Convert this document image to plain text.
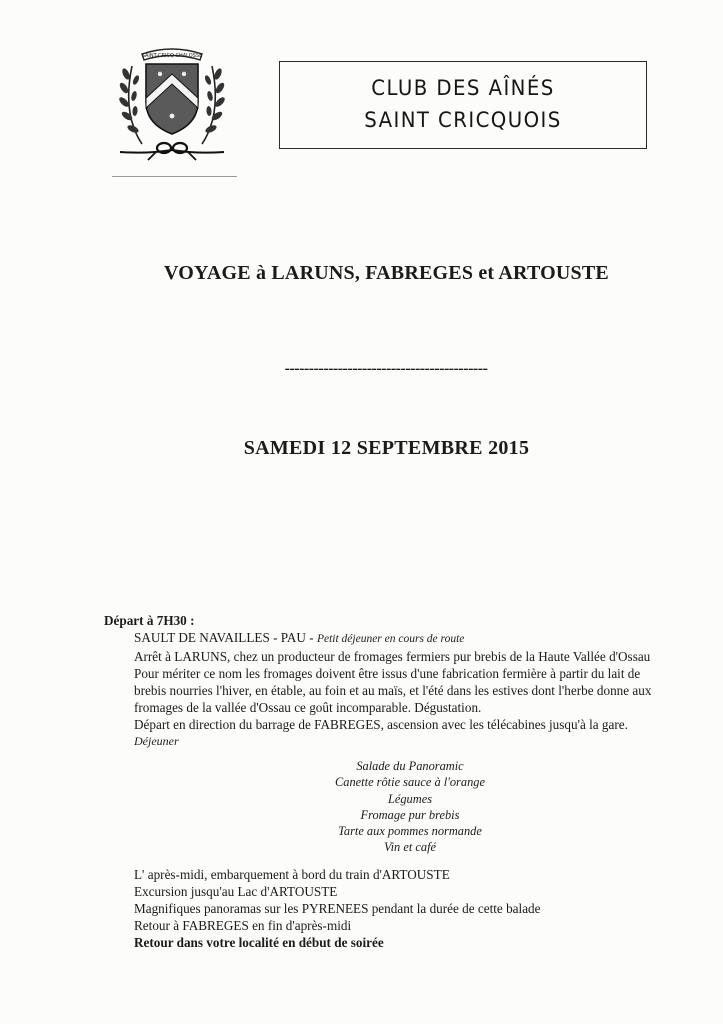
SAINT-CRICQ CHALOSSE
CLUB DES AÎNÉS
SAINT CRICQUOIS
VOYAGE à LARUNS, FABREGES et ARTOUSTE
------------------------------------------
SAMEDI 12 SEPTEMBRE 2015

Départ à 7H30 :

SAULT DE NAVAILLES - PAU - Petit déjeuner en cours de route

Arrêt à LARUNS, chez un producteur de fromages fermiers pur brebis de la Haute Vallée d'Ossau

Pour mériter ce nom les fromages doivent être issus d'une fabrication fermière à partir du lait de

brebis nourries l'hiver, en étable, au foin et au maïs, et l'été dans les estives dont l'herbe donne aux

fromages de la vallée d'Ossau ce goût incomparable. Dégustation.

Départ en direction du barrage de FABREGES, ascension avec les télécabines jusqu'à la gare.

Déjeuner

Salade du Panoramic

Canette rôtie sauce à l'orange

Légumes

Fromage pur brebis

Tarte aux pommes normande

Vin et café

L' après-midi, embarquement à bord du train d'ARTOUSTE

Excursion jusqu'au Lac d'ARTOUSTE

Magnifiques panoramas sur les PYRENEES pendant la durée de cette balade

Retour à FABREGES en fin d'après-midi

Retour dans votre localité en début de soirée
